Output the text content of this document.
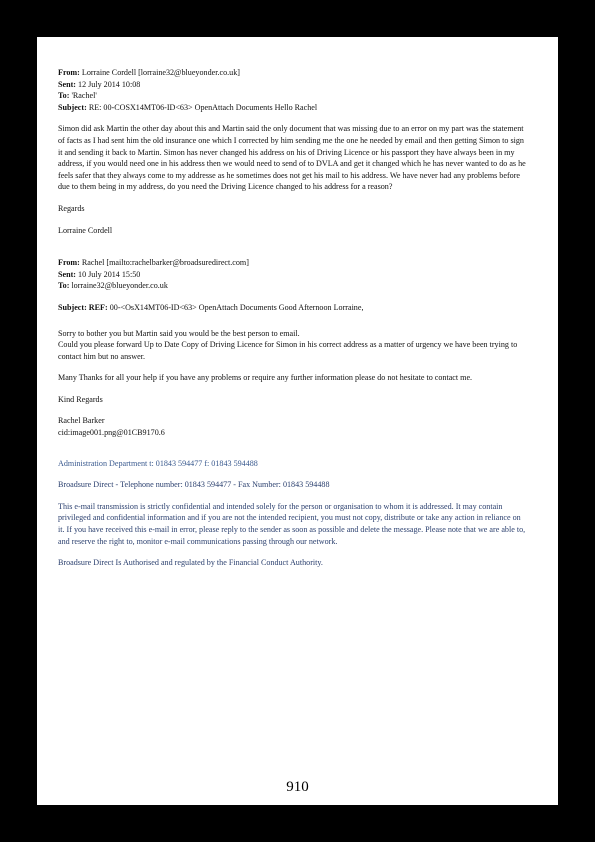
From: Lorraine Cordell [lorraine32@blueyonder.co.uk]
Sent: 12 July 2014 10:08
To: 'Rachel'
Subject: RE: 00-COSX14MT06-ID<63> OpenAttach Documents Hello Rachel

Simon did ask Martin the other day about this and Martin said the only document that was missing due to an error on my part was the statement of facts as I had sent him the old insurance one which I corrected by him sending me the one he needed by email and then getting Simon to sign it and sending it back to Martin. Simon has never changed his address on his of Driving Licence or his passport they have always been in my address, if you would need one in his address then we would need to send of to DVLA and get it changed which he has never wanted to do as he feels safer that they always come to my addresse as he sometimes does not get his mail to his address. We have never had any problems before due to them being in my address, do you need the Driving Licence changed to his address for a reason?

Regards

Lorraine Cordell

From: Rachel [mailto:rachelbarker@broadsuredirect.com]
Sent: 10 July 2014 15:50
To: lorraine32@blueyonder.co.uk
Subject: REF: 00-<OsX14MT06-ID<63> OpenAttach Documents Good Afternoon Lorraine,

Sorry to bother you but Martin said you would be the best person to email.

Could you please forward Up to Date Copy of Driving Licence for Simon in his correct address as a matter of urgency we have been trying to contact him but no answer.

Many Thanks for all your help if you have any problems or require any further information please do not hesitate to contact me.

Kind Regards

Rachel Barker

cid:image001.png@01CB9170.6

Administration Department t: 01843 594477 f: 01843 594488

Broadsure Direct - Telephone number: 01843 594477 - Fax Number: 01843 594488

This e-mail transmission is strictly confidential and intended solely for the person or organisation to whom it is addressed. It may contain privileged and confidential information and if you are not the intended recipient, you must not copy, distribute or take any action in reliance on it. If you have received this e-mail in error, please reply to the sender as soon as possible and delete the message. Please note that we are able to, and reserve the right to, monitor e-mail communications passing through our network.

Broadsure Direct Is Authorised and regulated by the Financial Conduct Authority.

910
